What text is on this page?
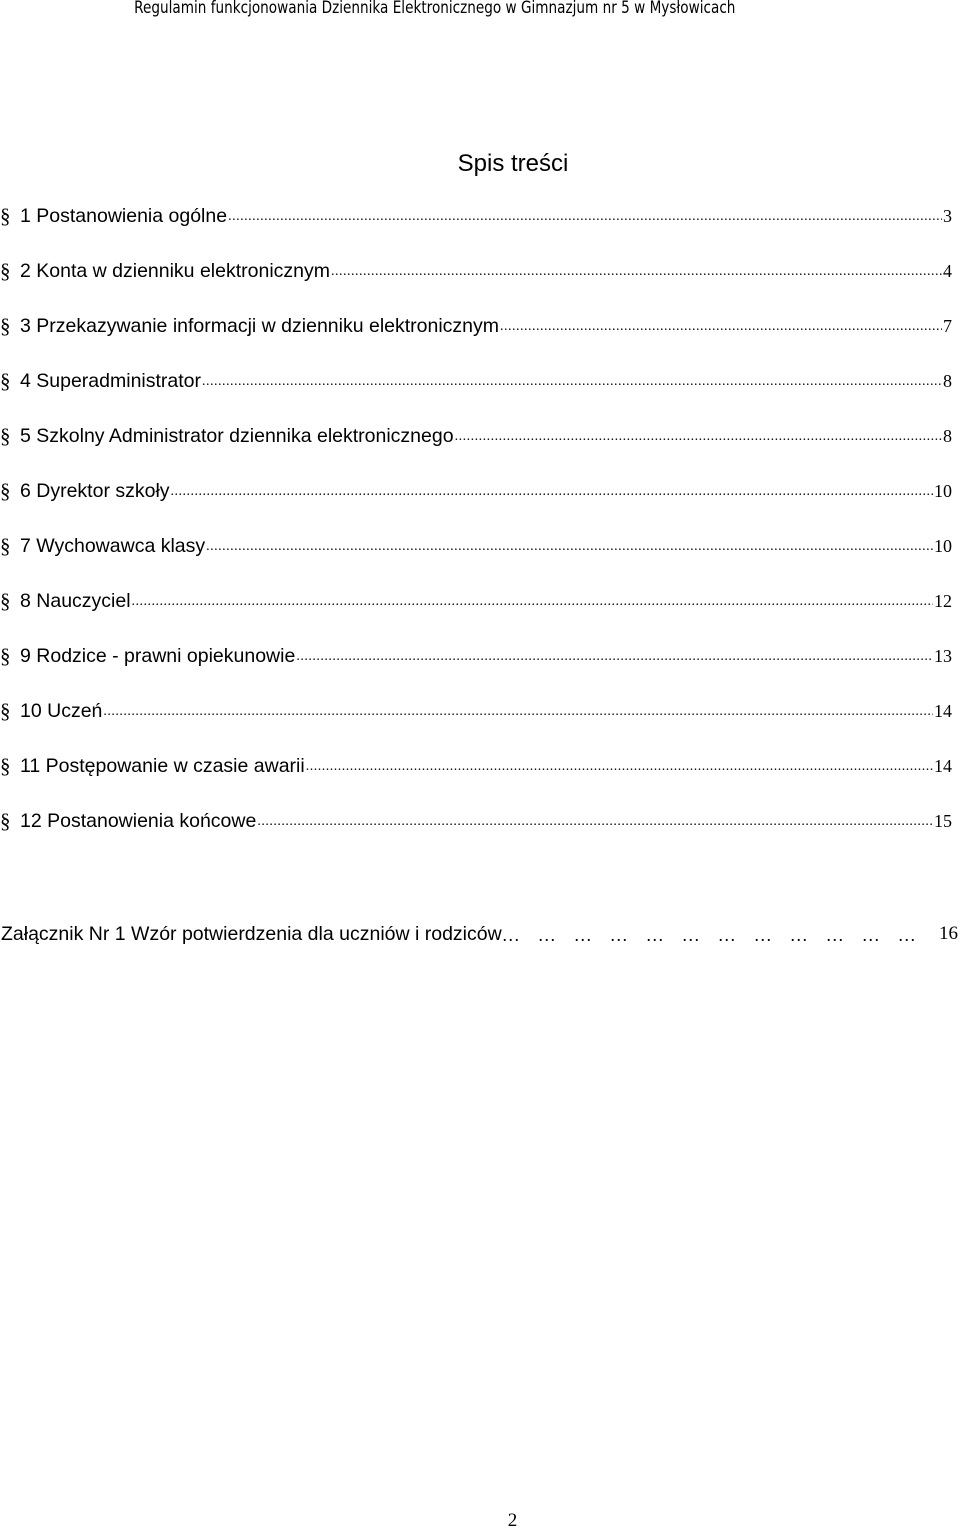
Regulamin funkcjonowania Dziennika Elektronicznego w Gimnazjum nr 5 w Mysłowicach
Spis treści
§ 1 Postanowienia ogólne .....	3
§ 2 Konta w dzienniku elektronicznym .....	4
§ 3 Przekazywanie informacji w dzienniku elektronicznym .....	7
§ 4 Superadministrator .....	8
§ 5 Szkolny Administrator dziennika elektronicznego .....	8
§ 6 Dyrektor szkoły .....	10
§ 7 Wychowawca klasy .....	10
§ 8 Nauczyciel .....	12
§ 9 Rodzice - prawni opiekunowie .....	13
§ 10 Uczeń .....	14
§ 11 Postępowanie w czasie awarii .....	14
§ 12 Postanowienia końcowe .....	15
Załącznik Nr 1 Wzór potwierdzenia dla uczniów i rodziców … … … … … … … … … … … … … … … … … …	16
2
